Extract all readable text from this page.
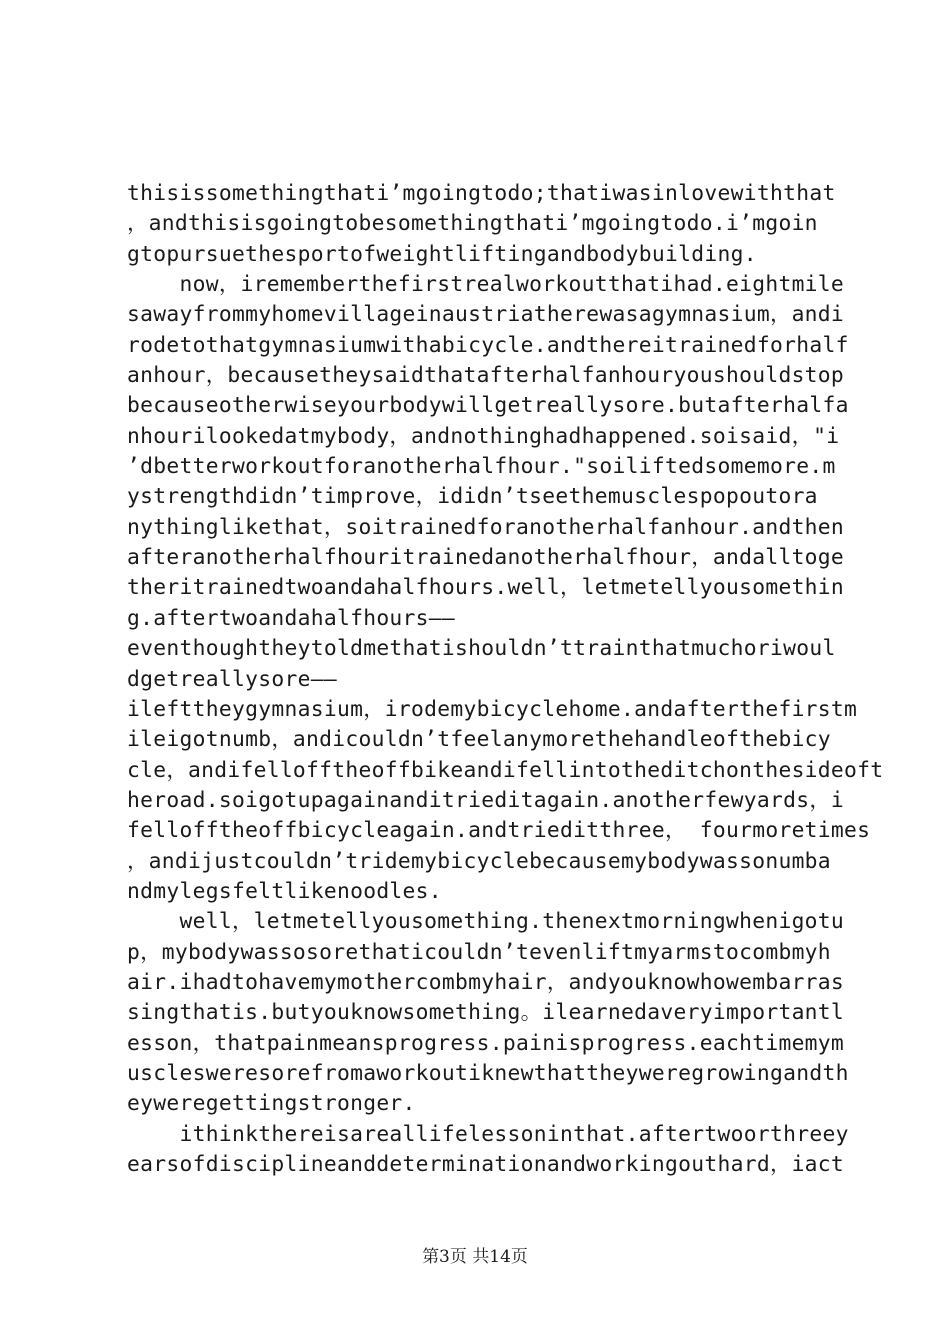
thisissomethingthati’mgoingtodo;thatiwasinlovewiththat
，andthisisgoingtobesomethingthati’mgoingtodo.i’mgoin
gtopursuethesportofweightliftingandbodybuilding.
now，irememberthefirstrealworkoutthatihad.eightmile
sawayfrommyhomevillageinaustriatherewasagymnasium，andi
rodetothatgymnasiumwithabicycle.andthereitrainedforhalf
anhour，becausetheysaidthatafterhalfanhouryoushouldstop
becauseotherwiseyourbodywillgetreallysore.butafterhalfa
nhourilookedatmybody，andnothinghadhappened.soisaid，"i
’dbetterworkoutforanotherhalfhour."soiliftedsomemore.m
ystrengthdidn’timprove，ididn’tseethemusclespopoutora
nythinglikethat，soitrainedforanotherhalfanhour.andthen
afteranotherhalfhouritrainedanotherhalfhour，andalltoge
theritrainedtwoandahalfhours.well，letmetellyousomethin
g.aftertwoandahalfhours——
eventhoughtheytoldmethatishouldn’ttrainthatmuchoriwoul
dgetreallysore——
ilefttheygymnasium，irodemybicyclehome.andafterthefirstm
ileigotnumb，andicouldn’tfeelanymorethehandleofthebicy
cle，andifellofftheoffbikeandifellintotheditchonthesideoft
heroad.soigotupagainanditrieditagain.anotherfewyards，i
fellofftheoffbicycleagain.andtrieditthree， fourmoretimes
，andijustcouldn’tridemybicyclebecausemybodywassonumba
ndmylegsfeltlikenoodles.
well，letmetellyousomething.thenextmorningwhenigotu
p，mybodywassosorethaticouldn’tevenliftmyarmstocombmyh
air.ihadtohavemymothercombmyhair，andyouknowhowembarras
singthatis.butyouknowsomething。ilearnedaveryimportantl
esson，thatpainmeansprogress.painisprogress.eachtimemym
usclesweresorefromaworkoutiknewthattheyweregrowingandth
eyweregettingstronger.
ithinkthereisareallifelessoninthat.aftertwoorthreey
earsofdisciplineanddeterminationandworkingouthard，iact
第3页 共14页
